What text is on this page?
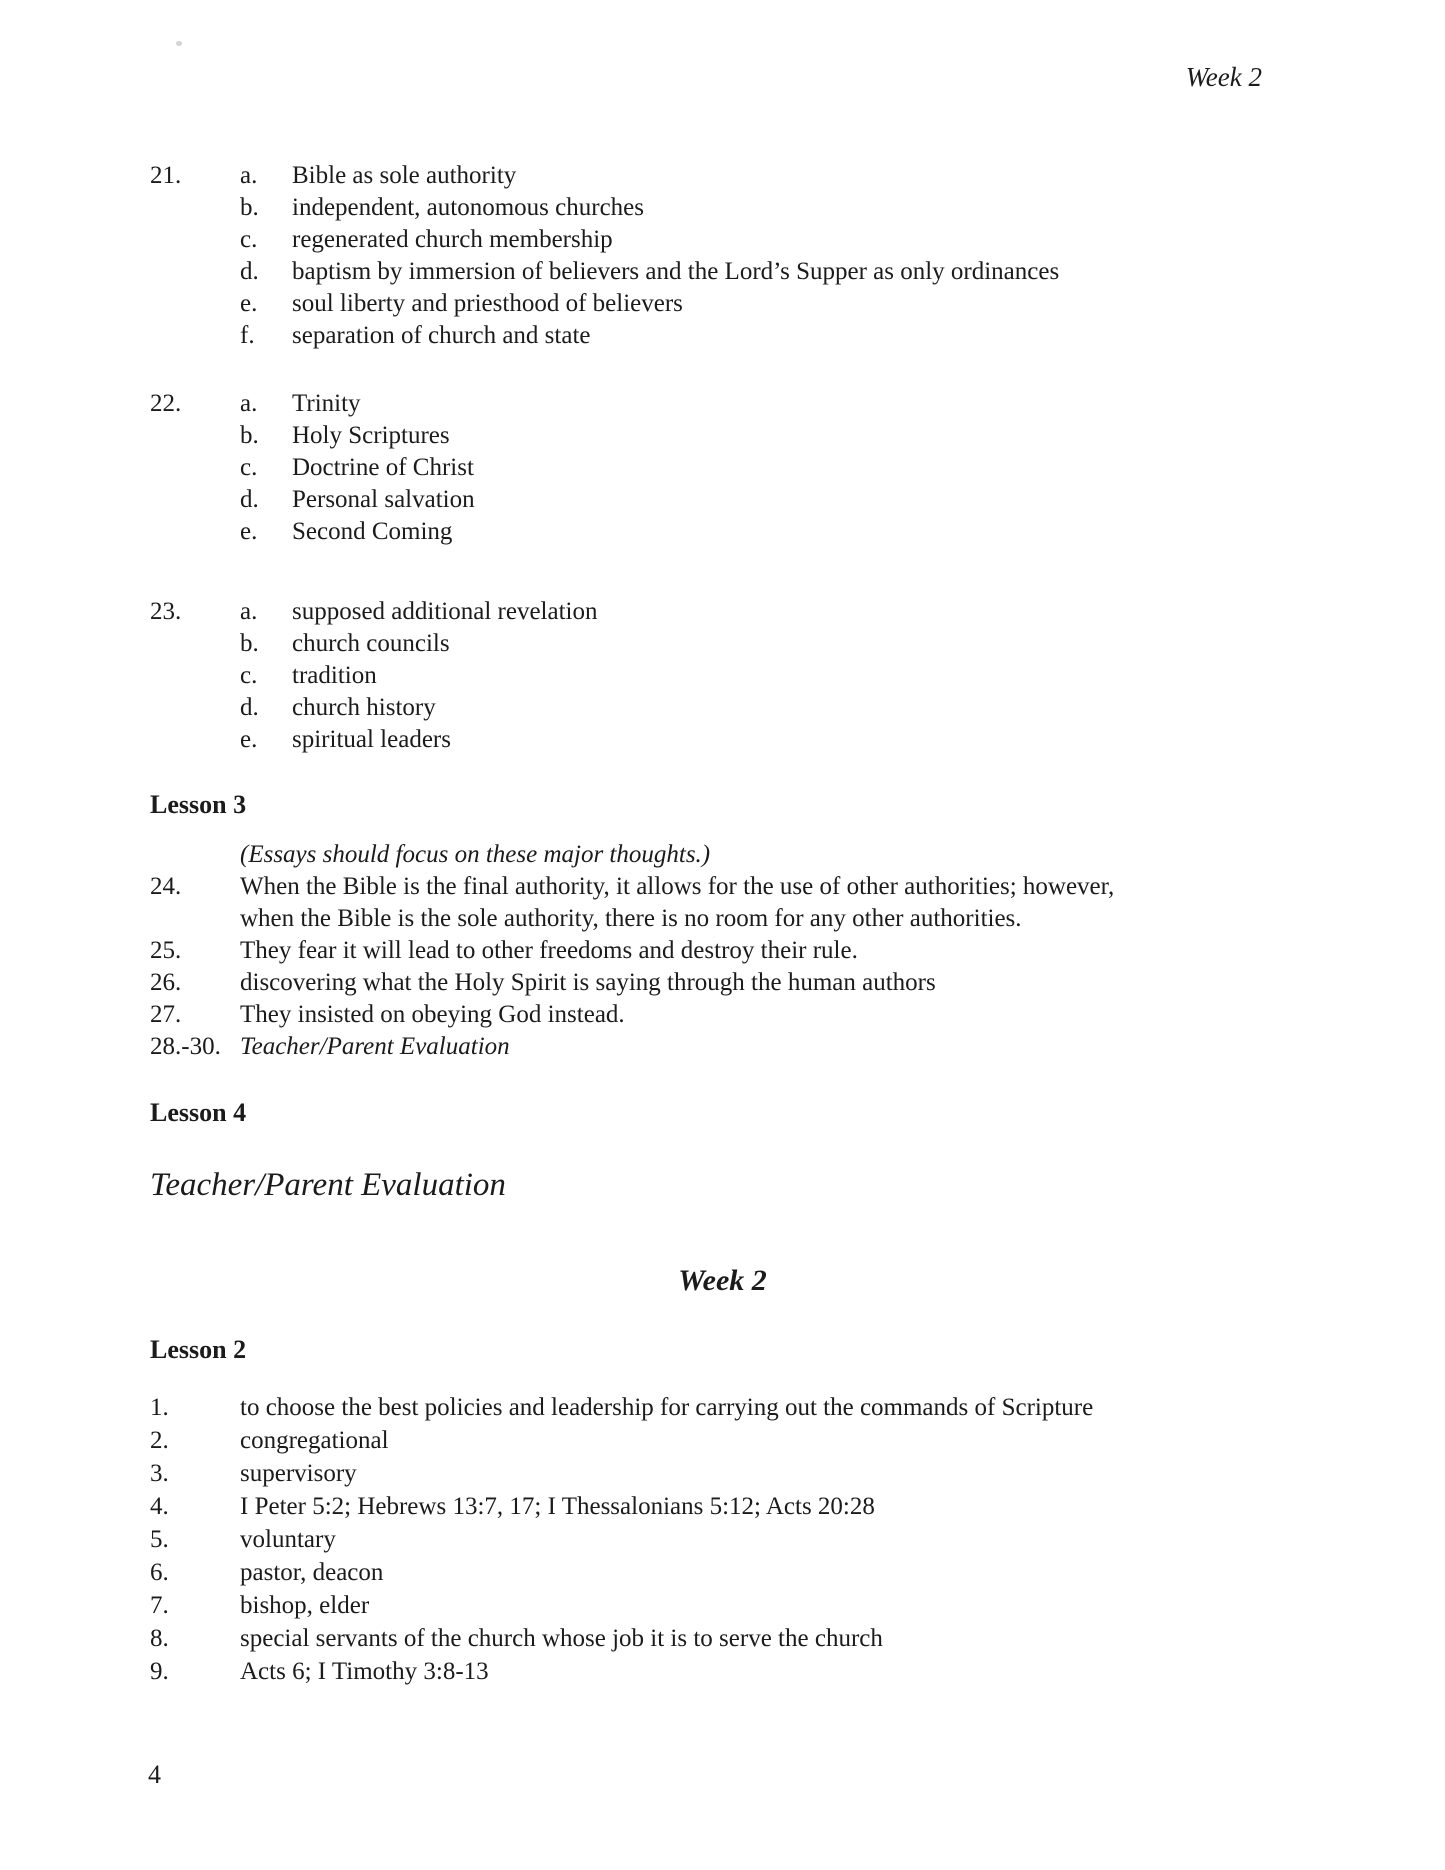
Week 2
21.	a.	Bible as sole authority
b.	independent, autonomous churches
c.	regenerated church membership
d.	baptism by immersion of believers and the Lord’s Supper as only ordinances
e.	soul liberty and priesthood of believers
f.	separation of church and state
22.	a.	Trinity
b.	Holy Scriptures
c.	Doctrine of Christ
d.	Personal salvation
e.	Second Coming
23.	a.	supposed additional revelation
b.	church councils
c.	tradition
d.	church history
e.	spiritual leaders
Lesson 3
(Essays should focus on these major thoughts.)
24.	When the Bible is the final authority, it allows for the use of other authorities; however,
when the Bible is the sole authority, there is no room for any other authorities.
25.	They fear it will lead to other freedoms and destroy their rule.
26.	discovering what the Holy Spirit is saying through the human authors
27.	They insisted on obeying God instead.
28.-30. Teacher/Parent Evaluation
Lesson 4
Teacher/Parent Evaluation
Week 2
Lesson 2
1.	to choose the best policies and leadership for carrying out the commands of Scripture
2.	congregational
3.	supervisory
4.	I Peter 5:2; Hebrews 13:7, 17; I Thessalonians 5:12; Acts 20:28
5.	voluntary
6.	pastor, deacon
7.	bishop, elder
8.	special servants of the church whose job it is to serve the church
9.	Acts 6; I Timothy 3:8-13
4
